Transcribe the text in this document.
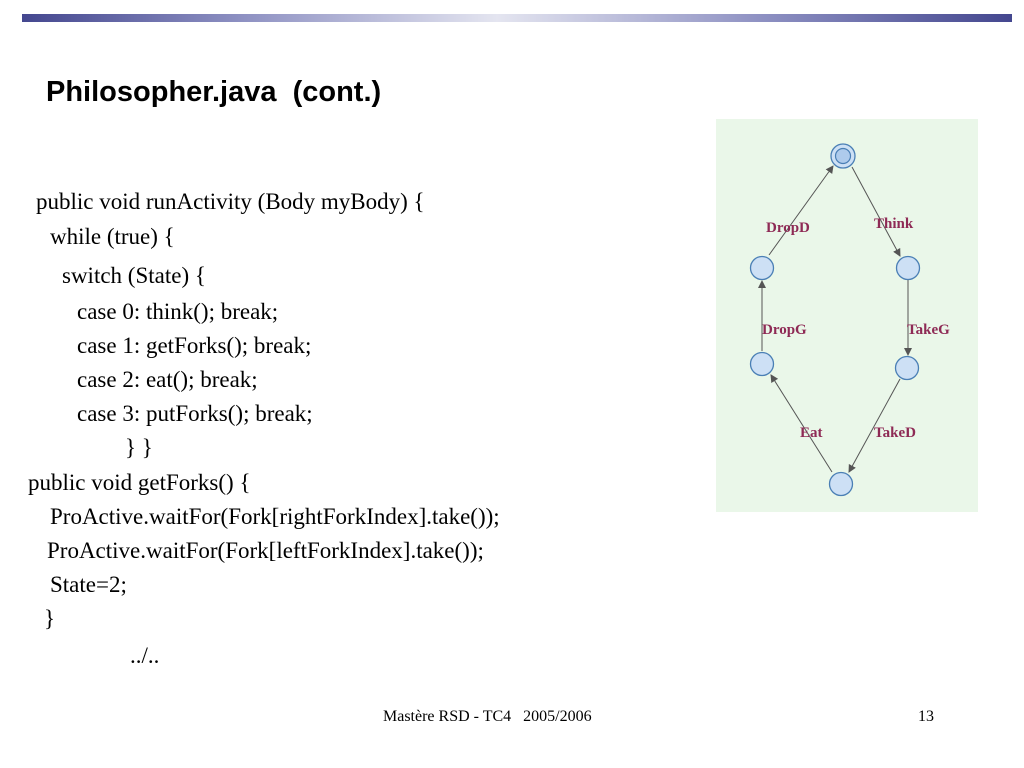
Philosopher.java  (cont.)
public void runActivity (Body myBody) {
while (true) {
switch (State) {
case 0: think(); break;
case 1: getForks(); break;
case 2: eat(); break;
case 3: putForks(); break;
} }
public void getForks() {
ProActive.waitFor(Fork[rightForkIndex].take());
ProActive.waitFor(Fork[leftForkIndex].take());
State=2;
}
../..
DropD	Think
DropG	TakeG
Eat	TakeD
Mastère RSD - TC4   2005/2006	13
